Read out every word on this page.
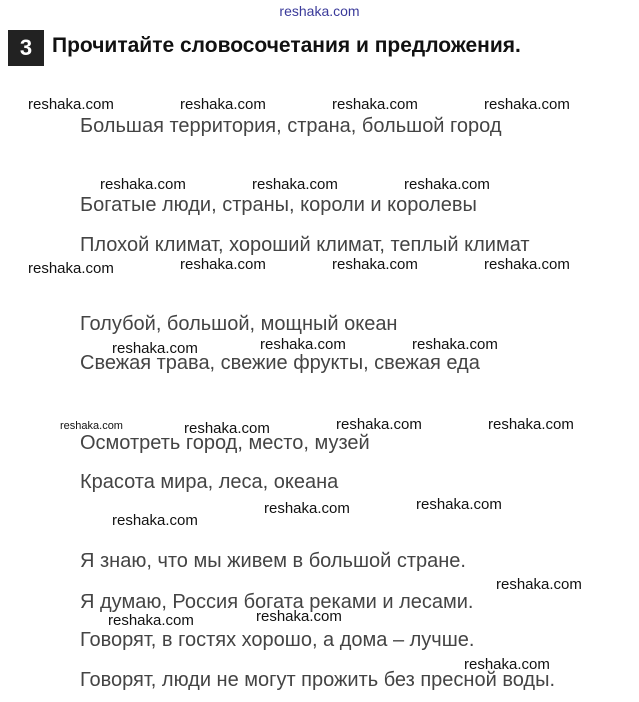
reshaka.com
3 Прочитайте словосочетания и предложения.
Большая территория, страна, большой город
Богатые люди, страны, короли и королевы
Плохой климат, хороший климат, теплый климат
Голубой, большой, мощный океан
Свежая трава, свежие фрукты, свежая еда
Осмотреть город, место, музей
Красота мира, леса, океана
Я знаю, что мы живем в большой стране.
Я думаю, Россия богата реками и лесами.
Говорят, в гостях хорошо, а дома – лучше.
Говорят, люди не могут прожить без пресной воды.
reshaka.com	reshaka.com	reshaka.com	reshaka.com
reshaka.com	reshaka.com	reshaka.com
reshaka.com	reshaka.com	reshaka.com	reshaka.com
reshaka.com	reshaka.com	reshaka.com
reshaka.com	reshaka.com	reshaka.com	reshaka.com
reshaka.com
reshaka.com	reshaka.com
reshaka.com
reshaka.com	reshaka.com
reshaka.com
